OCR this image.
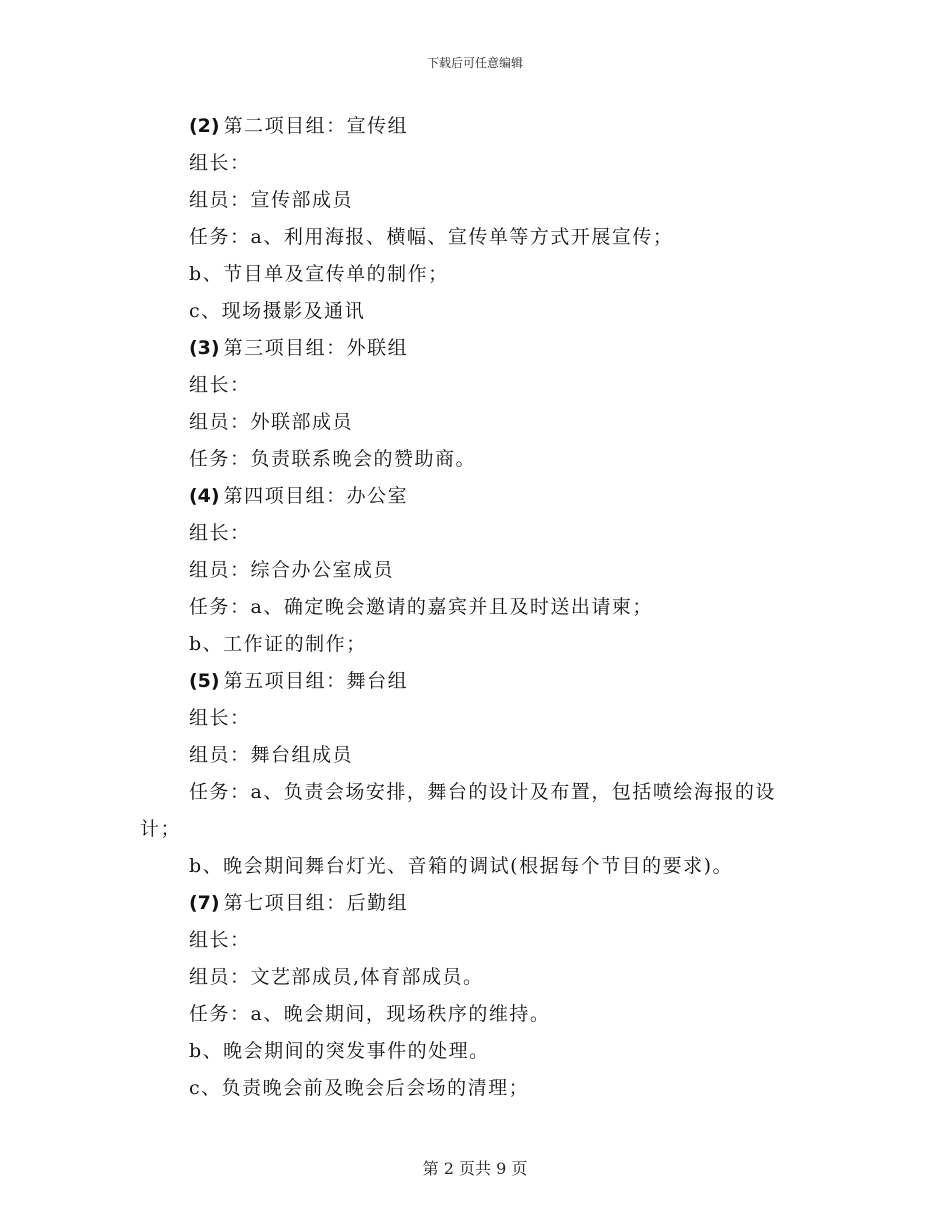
下载后可任意编辑
(2) 第二项目组：宣传组
组长：
组员：宣传部成员
任务：a、利用海报、横幅、宣传单等方式开展宣传；
b、节目单及宣传单的制作；
c、现场摄影及通讯
(3) 第三项目组：外联组
组长：
组员：外联部成员
任务：负责联系晚会的赞助商。
(4) 第四项目组：办公室
组长：
组员：综合办公室成员
任务：a、确定晚会邀请的嘉宾并且及时送出请柬；
b、工作证的制作；
(5) 第五项目组：舞台组
组长：
组员：舞台组成员
任务：a、负责会场安排，舞台的设计及布置，包括喷绘海报的设
计；
b、晚会期间舞台灯光、音箱的调试(根据每个节目的要求)。
(7) 第七项目组：后勤组
组长：
组员：文艺部成员,体育部成员。
任务：a、晚会期间，现场秩序的维持。
b、晚会期间的突发事件的处理。
c、负责晚会前及晚会后会场的清理；
第 2 页共 9 页
